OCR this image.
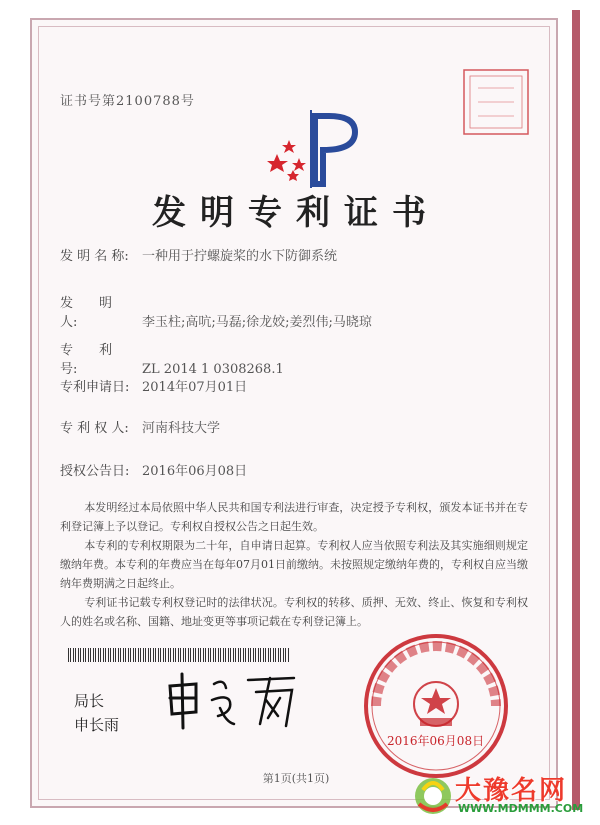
证书号第2100788号
发明专利证书
发 明 名 称: 一种用于拧螺旋桨的水下防御系统
发　　明　　人:	李玉柱;高吭;马磊;徐龙姣;姜烈伟;马晓琼
专　　利　　号:	ZL 2014 1 0308268.1
专利申请日: 2014年07月01日
专 利 权 人: 河南科技大学
授权公告日: 2016年06月08日

本发明经过本局依照中华人民共和国专利法进行审查，决定授予专利权，颁发本证书并在专利登记簿上予以登记。专利权自授权公告之日起生效。

本专利的专利权期限为二十年，自申请日起算。专利权人应当依照专利法及其实施细则规定缴纳年费。本专利的年费应当在每年07月01日前缴纳。未按照规定缴纳年费的，专利权自应当缴纳年费期满之日起终止。

专利证书记载专利权登记时的法律状况。专利权的转移、质押、无效、终止、恢复和专利权人的姓名或名称、国籍、地址变更等事项记载在专利登记簿上。

局长
申长雨
2016年06月08日
第1页(共1页)	大豫名网
WWW.MDMMM.COM
